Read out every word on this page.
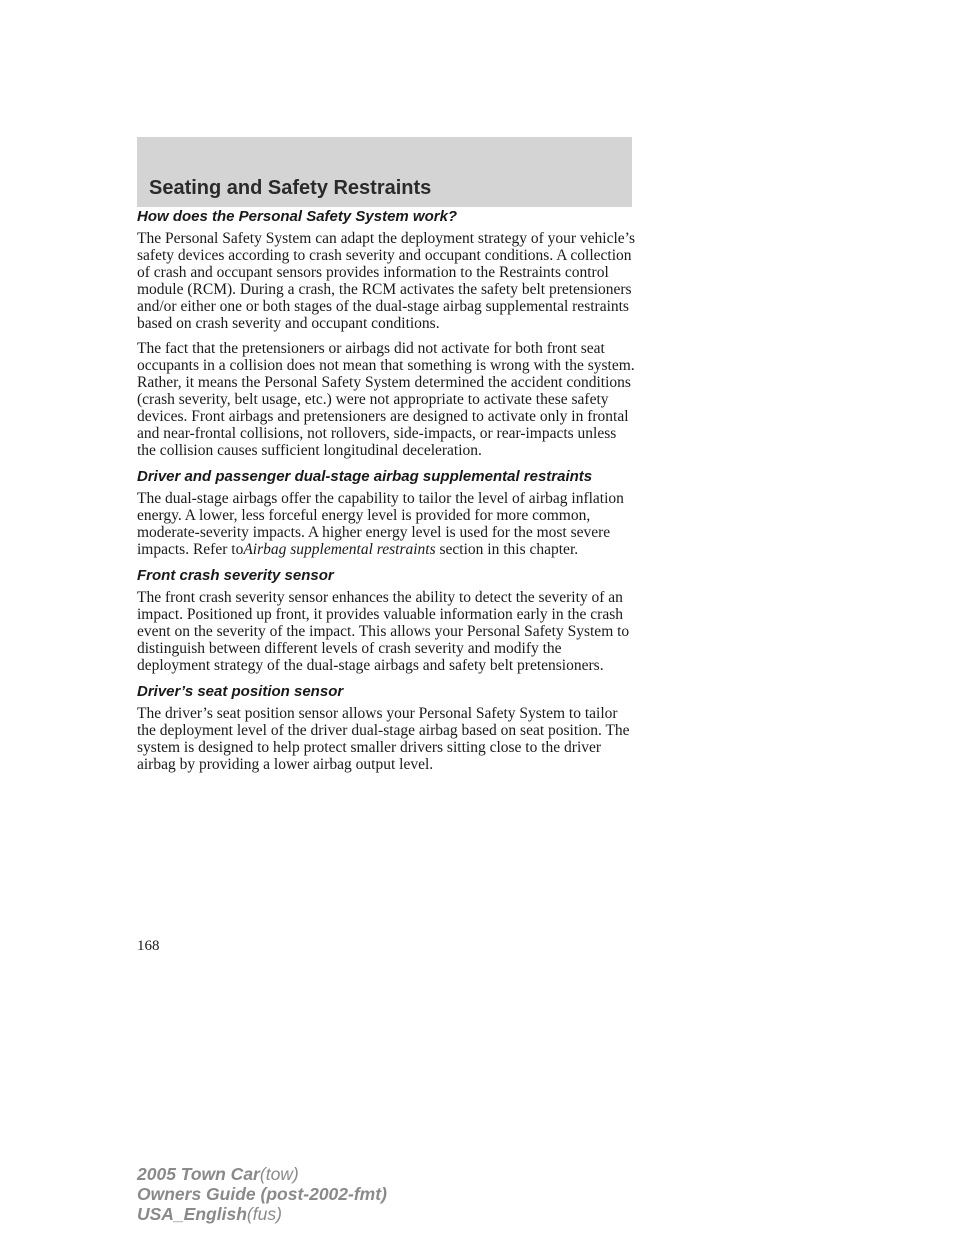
Seating and Safety Restraints
How does the Personal Safety System work?

The Personal Safety System can adapt the deployment strategy of your vehicle’s safety devices according to crash severity and occupant conditions. A collection of crash and occupant sensors provides information to the Restraints control module (RCM). During a crash, the RCM activates the safety belt pretensioners and/or either one or both stages of the dual-stage airbag supplemental restraints based on crash severity and occupant conditions.

The fact that the pretensioners or airbags did not activate for both front seat occupants in a collision does not mean that something is wrong with the system. Rather, it means the Personal Safety System determined the accident conditions (crash severity, belt usage, etc.) were not appropriate to activate these safety devices. Front airbags and pretensioners are designed to activate only in frontal and near-frontal collisions, not rollovers, side-impacts, or rear-impacts unless the collision causes sufficient longitudinal deceleration.

Driver and passenger dual-stage airbag supplemental restraints

The dual-stage airbags offer the capability to tailor the level of airbag inflation energy. A lower, less forceful energy level is provided for more common, moderate-severity impacts. A higher energy level is used for the most severe impacts. Refer toAirbag supplemental restraints section in this chapter.

Front crash severity sensor

The front crash severity sensor enhances the ability to detect the severity of an impact. Positioned up front, it provides valuable information early in the crash event on the severity of the impact. This allows your Personal Safety System to distinguish between different levels of crash severity and modify the deployment strategy of the dual-stage airbags and safety belt pretensioners.

Driver’s seat position sensor

The driver’s seat position sensor allows your Personal Safety System to tailor the deployment level of the driver dual-stage airbag based on seat position. The system is designed to help protect smaller drivers sitting close to the driver airbag by providing a lower airbag output level.

168
2005 Town Car(tow)
Owners Guide (post-2002-fmt)
USA_English(fus)
